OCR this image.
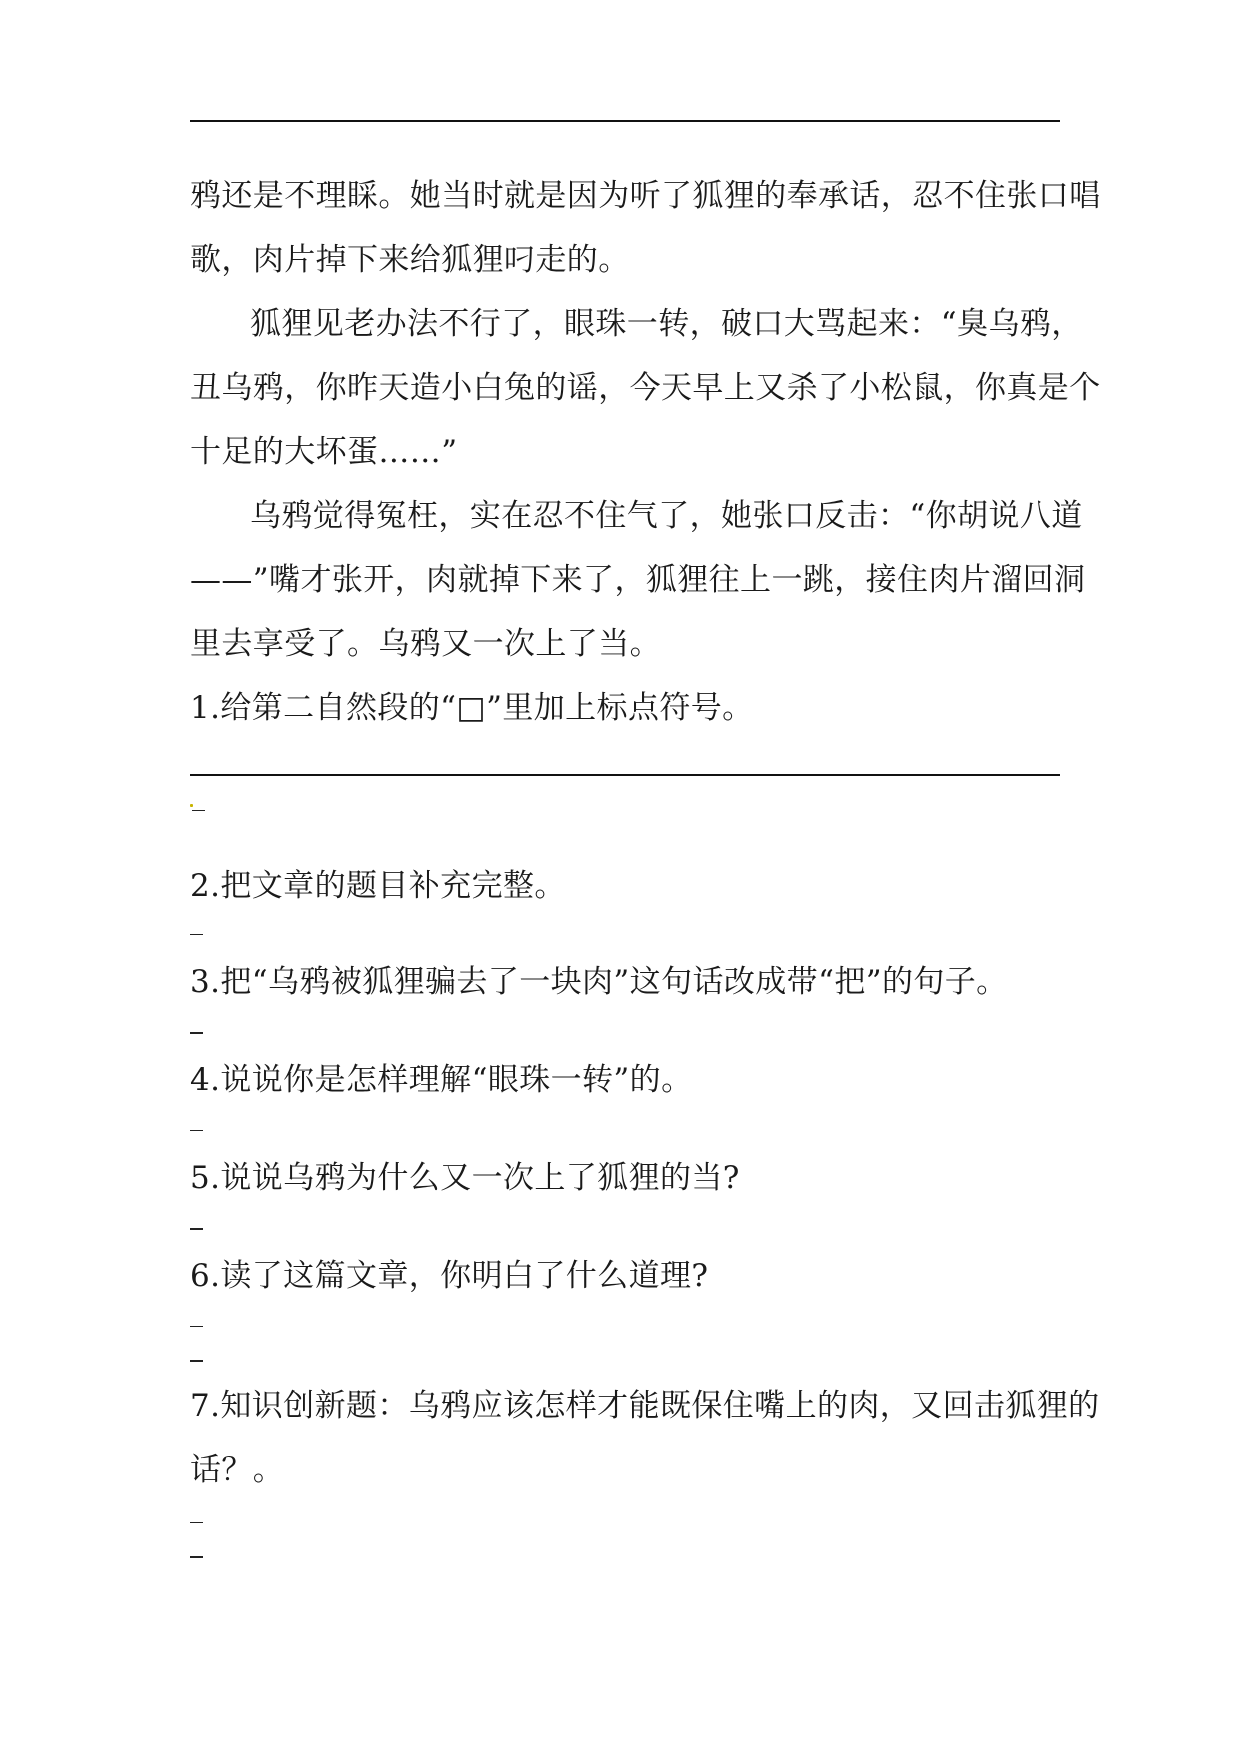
鸦还是不理睬。她当时就是因为听了狐狸的奉承话，忍不住张口唱
歌，肉片掉下来给狐狸叼走的。
狐狸见老办法不行了，眼珠一转，破口大骂起来：“臭乌鸦，
丑乌鸦，你昨天造小白兔的谣，今天早上又杀了小松鼠，你真是个
十足的大坏蛋……”
乌鸦觉得冤枉，实在忍不住气了，她张口反击：“你胡说八道
——”嘴才张开，肉就掉下来了，狐狸往上一跳，接住肉片溜回洞
里去享受了。乌鸦又一次上了当。
1.给第二自然段的“□”里加上标点符号。
2.把文章的题目补充完整。
3.把“乌鸦被狐狸骗去了一块肉”这句话改成带“把”的句子。
4.说说你是怎样理解“眼珠一转”的。
5.说说乌鸦为什么又一次上了狐狸的当?
6.读了这篇文章，你明白了什么道理?
7.知识创新题：乌鸦应该怎样才能既保住嘴上的肉，又回击狐狸的
话？。
